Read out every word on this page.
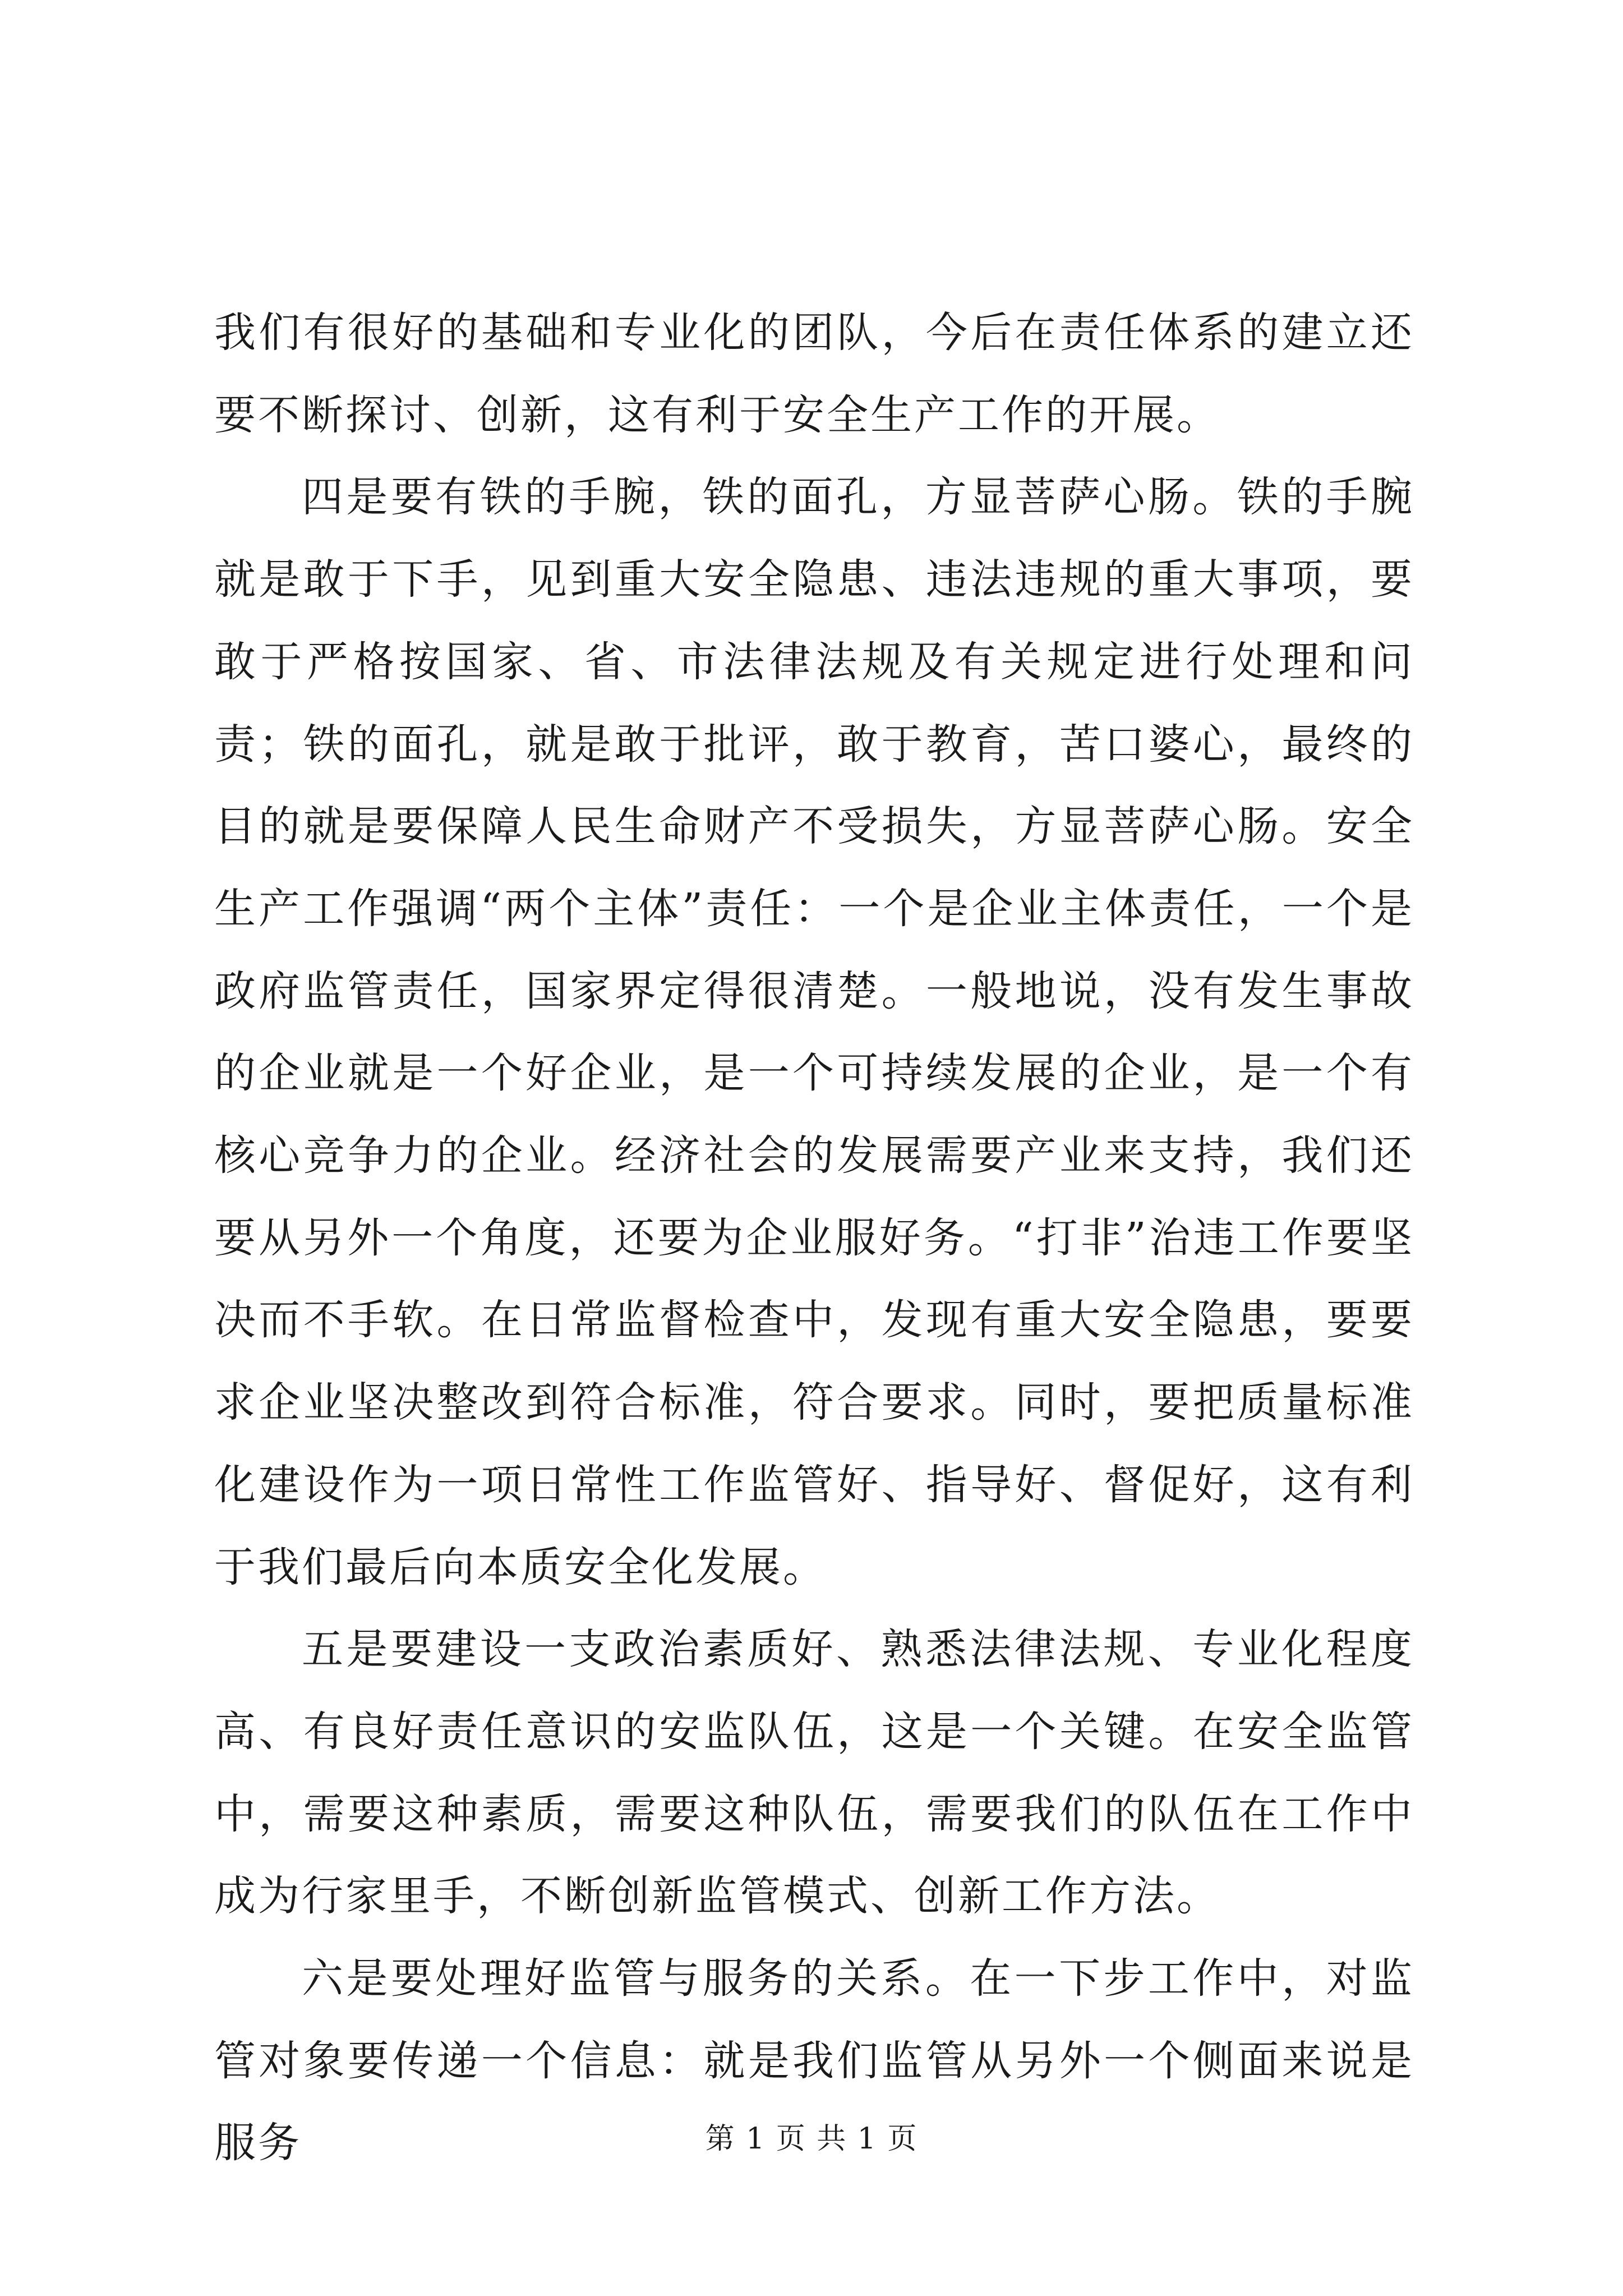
我们有很好的基础和专业化的团队，今后在责任体系的建立还要不断探讨、创新，这有利于安全生产工作的开展。

四是要有铁的手腕，铁的面孔，方显菩萨心肠。铁的手腕就是敢于下手，见到重大安全隐患、违法违规的重大事项，要敢于严格按国家、省、市法律法规及有关规定进行处理和问责；铁的面孔，就是敢于批评，敢于教育，苦口婆心，最终的目的就是要保障人民生命财产不受损失，方显菩萨心肠。安全生产工作强调“两个主体”责任：一个是企业主体责任，一个是政府监管责任，国家界定得很清楚。一般地说，没有发生事故的企业就是一个好企业，是一个可持续发展的企业，是一个有核心竞争力的企业。经济社会的发展需要产业来支持，我们还要从另外一个角度，还要为企业服好务。“打非”治违工作要坚决而不手软。在日常监督检查中，发现有重大安全隐患，要要求企业坚决整改到符合标准，符合要求。同时，要把质量标准化建设作为一项日常性工作监管好、指导好、督促好，这有利于我们最后向本质安全化发展。

五是要建设一支政治素质好、熟悉法律法规、专业化程度高、有良好责任意识的安监队伍，这是一个关键。在安全监管中，需要这种素质，需要这种队伍，需要我们的队伍在工作中成为行家里手，不断创新监管模式、创新工作方法。

六是要处理好监管与服务的关系。在一下步工作中，对监管对象要传递一个信息：就是我们监管从另外一个侧面来说是服务	第 1 页 共 1 页
